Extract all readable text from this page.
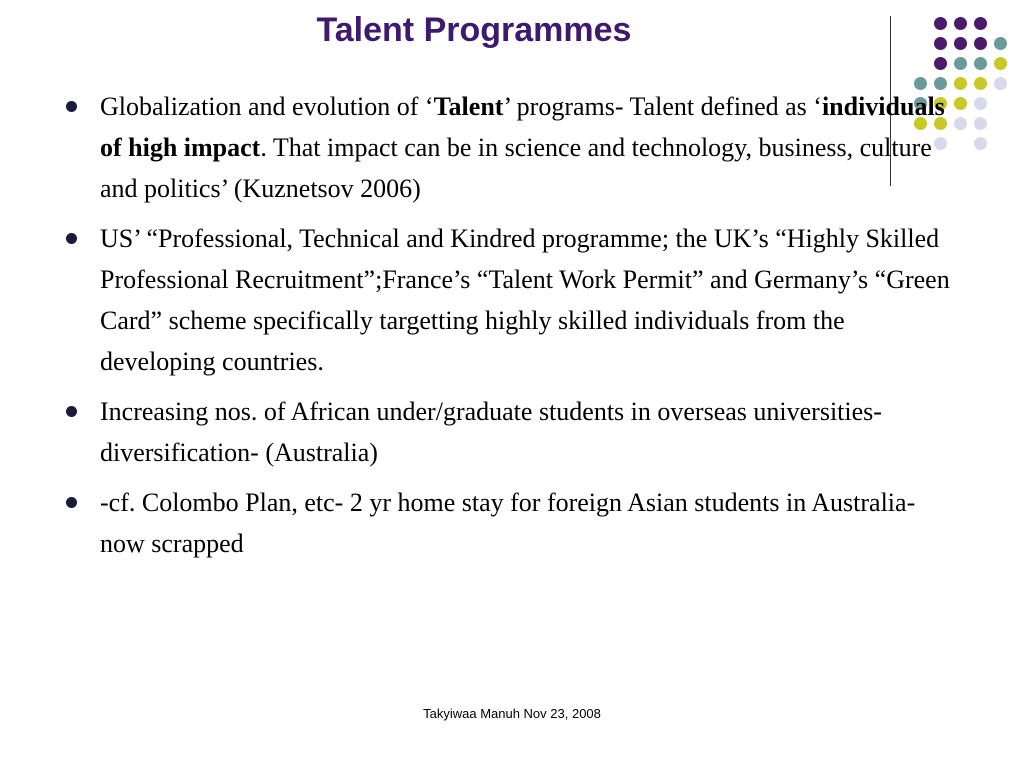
Talent Programmes
Globalization and evolution of ‘Talent’ programs- Talent defined as ‘individuals of high impact. That impact can be in science and technology, business, culture and politics’ (Kuznetsov 2006)
US’ “Professional, Technical and Kindred programme; the UK’s “Highly Skilled Professional Recruitment”;France’s “Talent Work Permit” and Germany’s “Green Card” scheme specifically targetting highly skilled individuals from the developing countries.
Increasing nos. of African under/graduate students in overseas universities- diversification- (Australia)
-cf. Colombo Plan, etc- 2 yr home stay for foreign Asian students in Australia- now scrapped
Takyiwaa Manuh Nov 23, 2008
